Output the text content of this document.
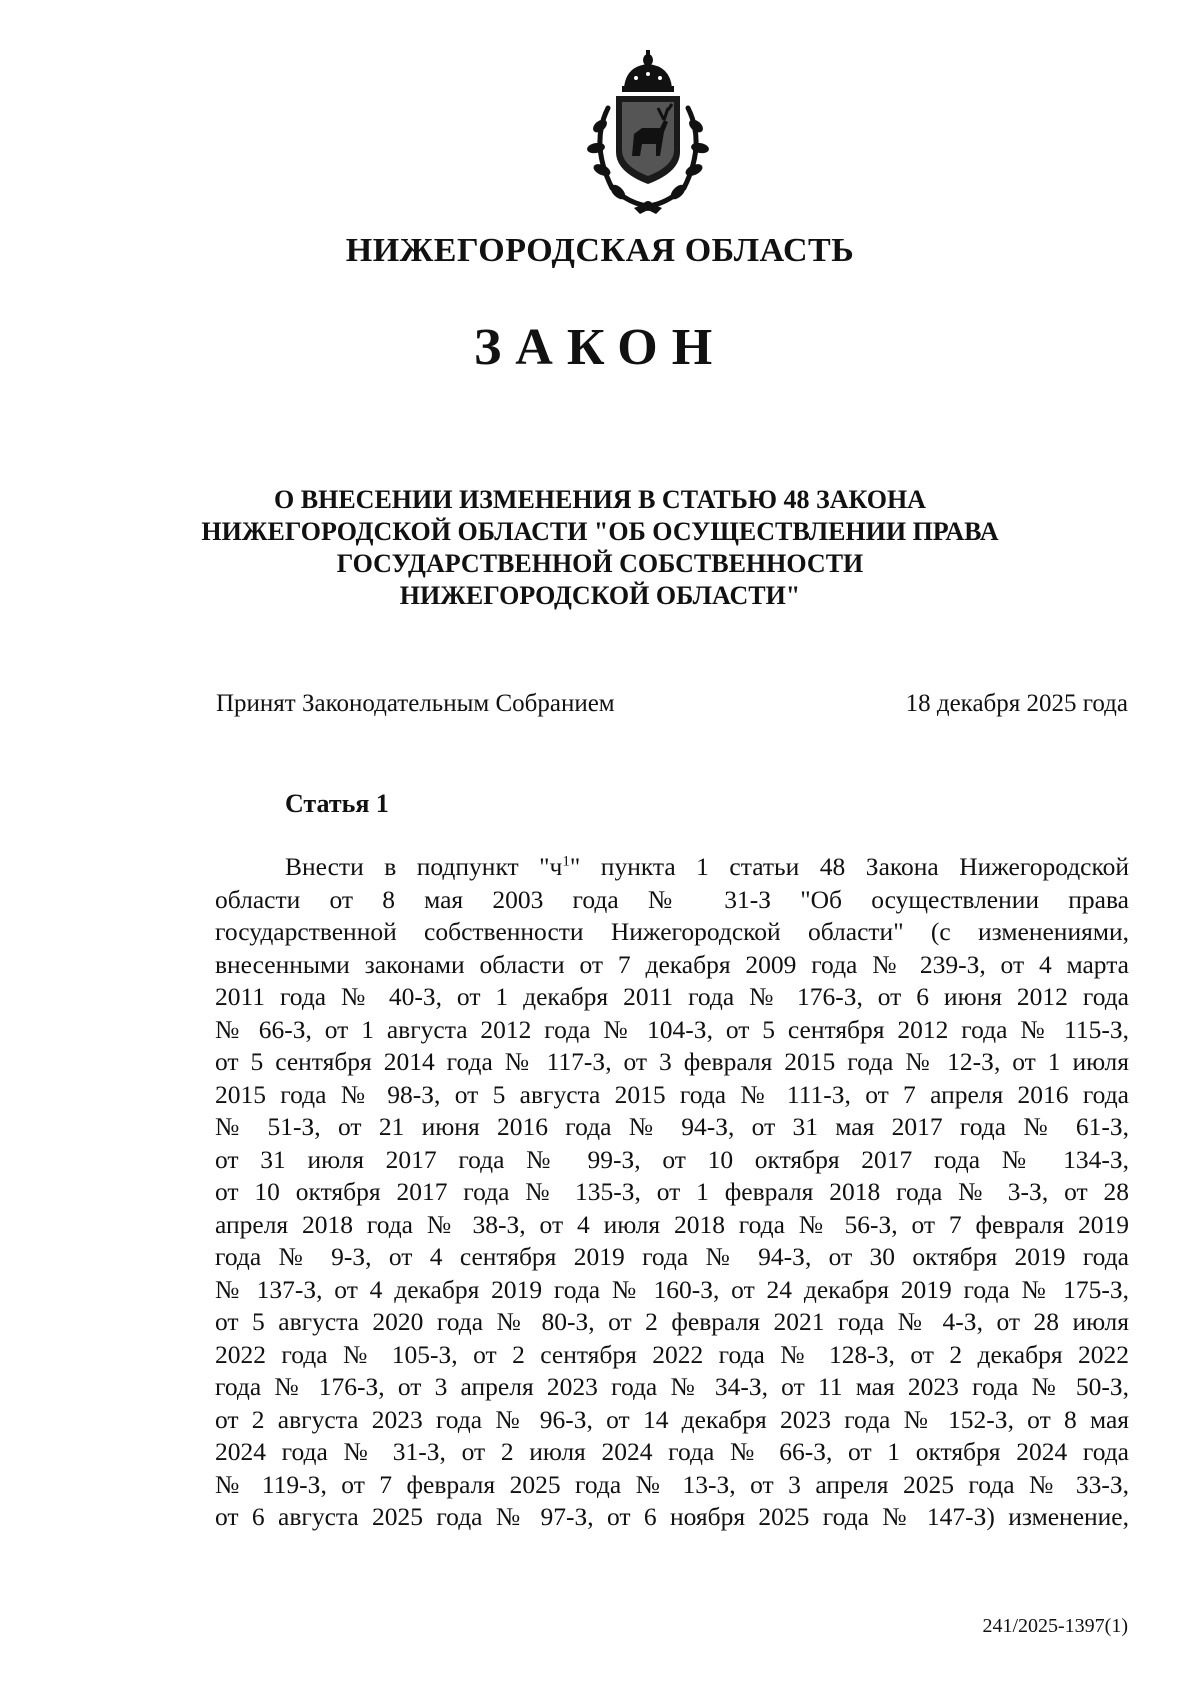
НИЖЕГОРОДСКАЯ ОБЛАСТЬ
ЗАКОН
О ВНЕСЕНИИ ИЗМЕНЕНИЯ В СТАТЬЮ 48 ЗАКОНА
НИЖЕГОРОДСКОЙ ОБЛАСТИ "ОБ ОСУЩЕСТВЛЕНИИ ПРАВА
ГОСУДАРСТВЕННОЙ СОБСТВЕННОСТИ
НИЖЕГОРОДСКОЙ ОБЛАСТИ"
Принят Законодательным Собранием	18 декабря 2025 года
Статья 1
Внести в подпункт "$ч^1$" пункта 1 статьи 48 Закона Нижегородской
области от 8 мая 2003 года № 31-З "Об осуществлении права
государственной собственности Нижегородской области" (с изменениями,
внесенными законами области от 7 декабря 2009 года № 239-З, от 4 марта
2011 года № 40-З, от 1 декабря 2011 года № 176-З, от 6 июня 2012 года
№ 66-З, от 1 августа 2012 года № 104-З, от 5 сентября 2012 года № 115-З,
от 5 сентября 2014 года № 117-З, от 3 февраля 2015 года № 12-З, от 1 июля
2015 года № 98-З, от 5 августа 2015 года № 111-З, от 7 апреля 2016 года
№ 51-З, от 21 июня 2016 года № 94-З, от 31 мая 2017 года № 61-З,
от 31 июля 2017 года № 99-З, от 10 октября 2017 года № 134-З,
от 10 октября 2017 года № 135-З, от 1 февраля 2018 года № 3-З, от 28
апреля 2018 года № 38-З, от 4 июля 2018 года № 56-З, от 7 февраля 2019
года № 9-З, от 4 сентября 2019 года № 94-З, от 30 октября 2019 года
№ 137-З, от 4 декабря 2019 года № 160-З, от 24 декабря 2019 года № 175-З,
от 5 августа 2020 года № 80-З, от 2 февраля 2021 года № 4-З, от 28 июля
2022 года № 105-З, от 2 сентября 2022 года № 128-З, от 2 декабря 2022
года № 176-З, от 3 апреля 2023 года № 34-З, от 11 мая 2023 года № 50-З,
от 2 августа 2023 года № 96-З, от 14 декабря 2023 года № 152-З, от 8 мая
2024 года № 31-З, от 2 июля 2024 года № 66-З, от 1 октября 2024 года
№ 119-З, от 7 февраля 2025 года № 13-З, от 3 апреля 2025 года № 33-З,
от 6 августа 2025 года № 97-З, от 6 ноября 2025 года № 147-З) изменение,
241/2025-1397(1)
